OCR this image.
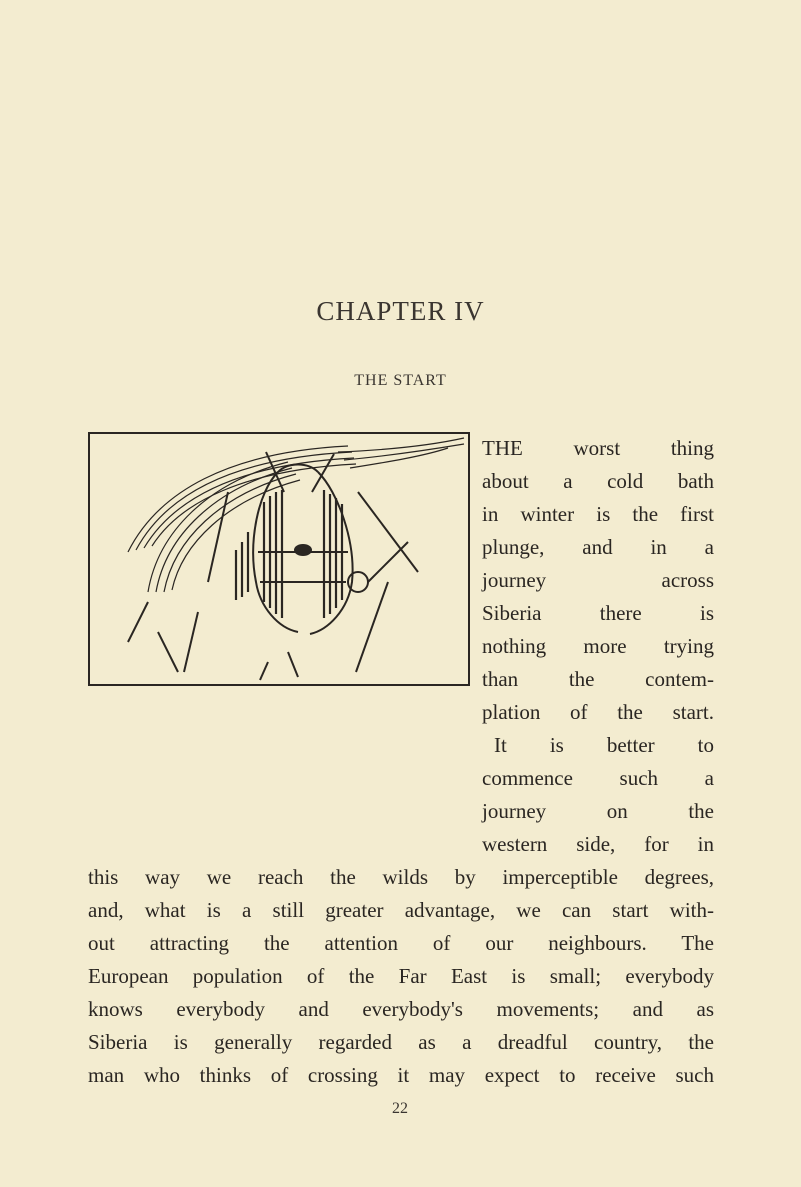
CHAPTER IV
THE START
THE worst thing
about a cold bath
in winter is the first
plunge, and in a
journey across
Siberia there is
nothing more trying
than the contem-
plation of the start.
It is better to
commence such a
journey on the
western side, for in
this way we reach the wilds by imperceptible degrees,
and, what is a still greater advantage, we can start with-
out attracting the attention of our neighbours. The
European population of the Far East is small; everybody
knows everybody and everybody's movements; and as
Siberia is generally regarded as a dreadful country, the
man who thinks of crossing it may expect to receive such
22
